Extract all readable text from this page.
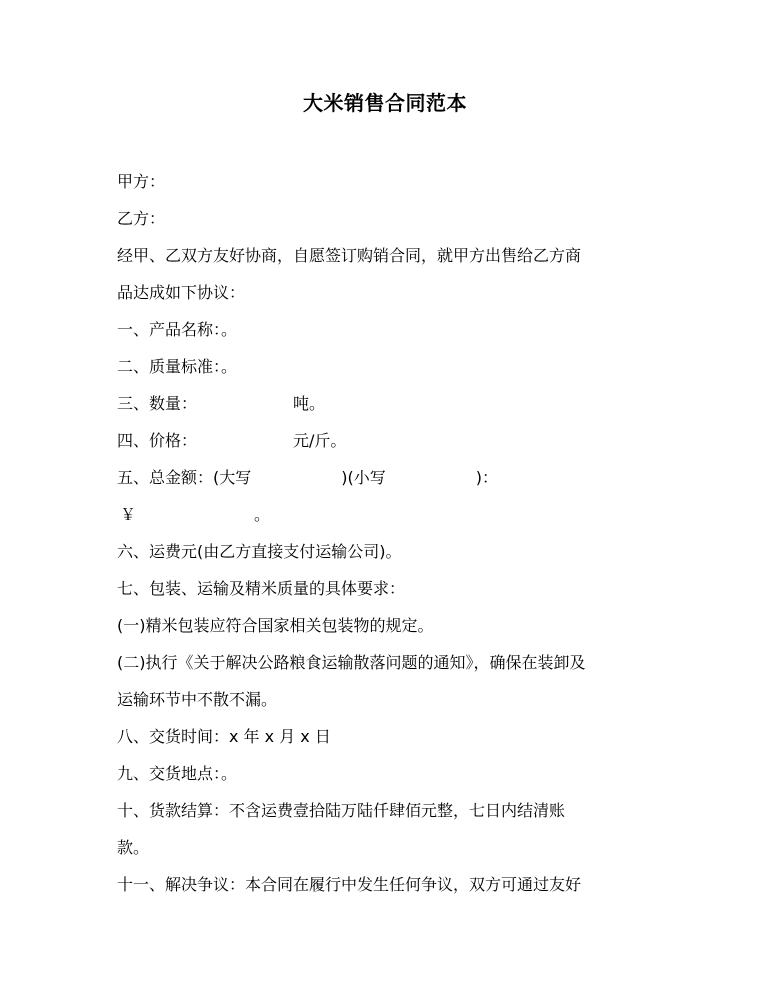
大米销售合同范本
甲方：
乙方：
经甲、乙双方友好协商，自愿签订购销合同，就甲方出售给乙方商
品达成如下协议：
一、产品名称：。
二、质量标准：。
三、数量：	吨。
四、价格：	元/斤。
五、总金额：(大写	)(小写	)：
￥	。
六、运费元(由乙方直接支付运输公司)。
七、包装、运输及精米质量的具体要求：
(一)精米包装应符合国家相关包装物的规定。
(二)执行《关于解决公路粮食运输散落问题的通知》，确保在装卸及
运输环节中不散不漏。
八、交货时间：x 年 x 月 x 日
九、交货地点：。
十、货款结算：不含运费壹拾陆万陆仟肆佰元整，七日内结清账
款。
十一、解决争议：本合同在履行中发生任何争议，双方可通过友好
